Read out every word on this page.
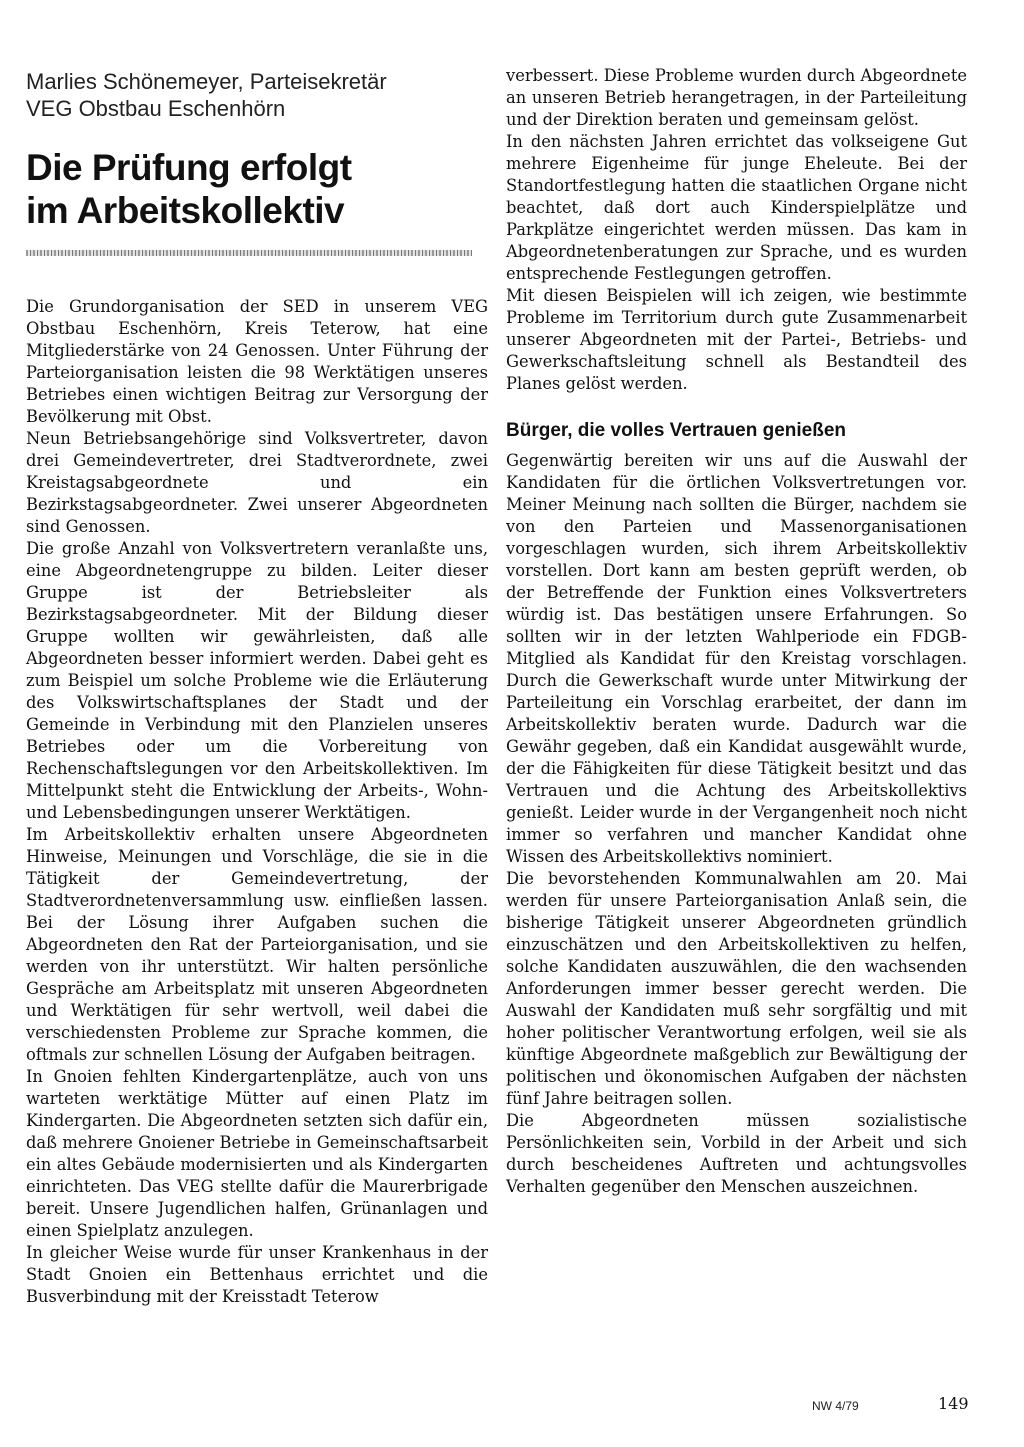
Marlies Schönemeyer, Parteisekretär

VEG Obstbau Eschenhörn

Die Prüfung erfolgt
im Arbeitskollektiv

Die Grundorganisation der SED in unserem VEG Obstbau Eschenhörn, Kreis Teterow, hat eine Mitgliederstärke von 24 Genossen. Unter Führung der Parteiorganisation leisten die 98 Werktätigen unseres Betriebes einen wichtigen Beitrag zur Versorgung der Bevölkerung mit Obst.

Neun Betriebsangehörige sind Volksvertreter, davon drei Gemeindevertreter, drei Stadtverordnete, zwei Kreistagsabgeordnete und ein Bezirkstagsabgeordneter. Zwei unserer Abgeordneten sind Genossen.

Die große Anzahl von Volksvertretern veranlaßte uns, eine Abgeordnetengruppe zu bilden. Leiter dieser Gruppe ist der Betriebsleiter als Bezirkstagsabgeordneter. Mit der Bildung dieser Gruppe wollten wir gewährleisten, daß alle Abgeordneten besser informiert werden. Dabei geht es zum Beispiel um solche Probleme wie die Erläuterung des Volkswirtschaftsplanes der Stadt und der Gemeinde in Verbindung mit den Planzielen unseres Betriebes oder um die Vorbereitung von Rechenschaftslegungen vor den Arbeitskollektiven. Im Mittelpunkt steht die Entwicklung der Arbeits-, Wohn- und Lebensbedingungen unserer Werktätigen.

Im Arbeitskollektiv erhalten unsere Abgeordneten Hinweise, Meinungen und Vorschläge, die sie in die Tätigkeit der Gemeindevertretung, der Stadtverordnetenversammlung usw. einfließen lassen. Bei der Lösung ihrer Aufgaben suchen die Abgeordneten den Rat der Parteiorganisation, und sie werden von ihr unterstützt. Wir halten persönliche Gespräche am Arbeitsplatz mit unseren Abgeordneten und Werktätigen für sehr wertvoll, weil dabei die verschiedensten Probleme zur Sprache kommen, die oftmals zur schnellen Lösung der Aufgaben beitragen.

In Gnoien fehlten Kindergartenplätze, auch von uns warteten werktätige Mütter auf einen Platz im Kindergarten. Die Abgeordneten setzten sich dafür ein, daß mehrere Gnoiener Betriebe in Gemeinschaftsarbeit ein altes Gebäude modernisierten und als Kindergarten einrichteten. Das VEG stellte dafür die Maurerbrigade bereit. Unsere Jugendlichen halfen, Grünanlagen und einen Spielplatz anzulegen.

In gleicher Weise wurde für unser Krankenhaus in der Stadt Gnoien ein Bettenhaus errichtet und die Busverbindung mit der Kreisstadt Teterow

verbessert. Diese Probleme wurden durch Abgeordnete an unseren Betrieb herangetragen, in der Parteileitung und der Direktion beraten und gemeinsam gelöst.

In den nächsten Jahren errichtet das volkseigene Gut mehrere Eigenheime für junge Eheleute. Bei der Standortfestlegung hatten die staatlichen Organe nicht beachtet, daß dort auch Kinderspielplätze und Parkplätze eingerichtet werden müssen. Das kam in Abgeordnetenberatungen zur Sprache, und es wurden entsprechende Festlegungen getroffen.

Mit diesen Beispielen will ich zeigen, wie bestimmte Probleme im Territorium durch gute Zusammenarbeit unserer Abgeordneten mit der Partei-, Betriebs- und Gewerkschaftsleitung schnell als Bestandteil des Planes gelöst werden.

Bürger, die volles Vertrauen genießen

Gegenwärtig bereiten wir uns auf die Auswahl der Kandidaten für die örtlichen Volksvertretungen vor. Meiner Meinung nach sollten die Bürger, nachdem sie von den Parteien und Massenorganisationen vorgeschlagen wurden, sich ihrem Arbeitskollektiv vorstellen. Dort kann am besten geprüft werden, ob der Betreffende der Funktion eines Volksvertreters würdig ist. Das bestätigen unsere Erfahrungen. So sollten wir in der letzten Wahlperiode ein FDGB-Mitglied als Kandidat für den Kreistag vorschlagen. Durch die Gewerkschaft wurde unter Mitwirkung der Parteileitung ein Vorschlag erarbeitet, der dann im Arbeitskollektiv beraten wurde. Dadurch war die Gewähr gegeben, daß ein Kandidat ausgewählt wurde, der die Fähigkeiten für diese Tätigkeit besitzt und das Vertrauen und die Achtung des Arbeitskollektivs genießt. Leider wurde in der Vergangenheit noch nicht immer so verfahren und mancher Kandidat ohne Wissen des Arbeitskollektivs nominiert.

Die bevorstehenden Kommunalwahlen am 20. Mai werden für unsere Parteiorganisation Anlaß sein, die bisherige Tätigkeit unserer Abgeordneten gründlich einzuschätzen und den Arbeitskollektiven zu helfen, solche Kandidaten auszuwählen, die den wachsenden Anforderungen immer besser gerecht werden. Die Auswahl der Kandidaten muß sehr sorgfältig und mit hoher politischer Verantwortung erfolgen, weil sie als künftige Abgeordnete maßgeblich zur Bewältigung der politischen und ökonomischen Aufgaben der nächsten fünf Jahre beitragen sollen.

Die Abgeordneten müssen sozialistische Persönlichkeiten sein, Vorbild in der Arbeit und sich durch bescheidenes Auftreten und achtungsvolles Verhalten gegenüber den Menschen auszeichnen.

NW 4/79	149
